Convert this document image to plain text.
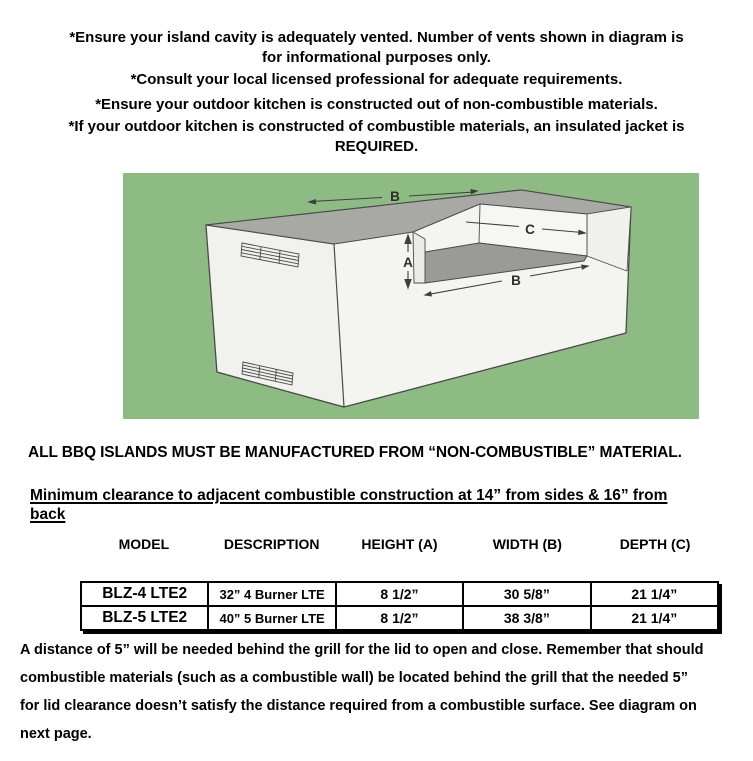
*Ensure your island cavity is adequately vented. Number of vents shown in diagram is
for informational purposes only.
*Consult your local licensed professional for adequate requirements.
*Ensure your outdoor kitchen is constructed out of non-combustible materials.
*If your outdoor kitchen is constructed of combustible materials, an insulated jacket is
REQUIRED.
B
C
A
B
ALL BBQ ISLANDS MUST BE MANUFACTURED FROM “NON-COMBUSTIBLE” MATERIAL.
Minimum clearance to adjacent combustible construction at 14” from sides & 16” from
back
MODEL	DESCRIPTION	HEIGHT (A)	WIDTH (B)	DEPTH (C)
BLZ-4 LTE2	32” 4 Burner LTE	8 1/2”	30 5/8”	21 1/4”
BLZ-5 LTE2	40” 5 Burner LTE	8 1/2”	38 3/8”	21 1/4”
A distance of 5” will be needed behind the grill for the lid to open and close. Remember that should
combustible materials (such as a combustible wall) be located behind the grill that the needed 5”
for lid clearance doesn’t satisfy the distance required from a combustible surface. See diagram on
next page.
